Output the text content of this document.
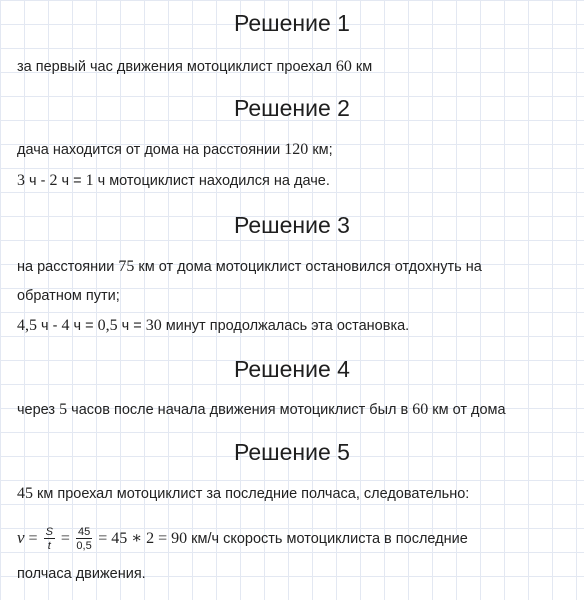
Решение 1

за первый час движения мотоциклист проехал 60 км

Решение 2

дача находится от дома на расстоянии 120 км;

3 ч - 2 ч = 1 ч мотоциклист находился на даче.

Решение 3

на расстоянии 75 км от дома мотоциклист остановился отдохнуть на

обратном пути;

4,5 ч - 4 ч = 0,5 ч = 30 минут продолжалась эта остановка.

Решение 4

через 5 часов после начала движения мотоциклист был в 60 км от дома

Решение 5

45 км проехал мотоциклист за последние полчаса, следовательно:

$v = \frac{S}{t} = \frac{45}{0,5} = 45$ ∗ 2 = 90 км/ч скорость мотоциклиста в последние

полчаса движения.
